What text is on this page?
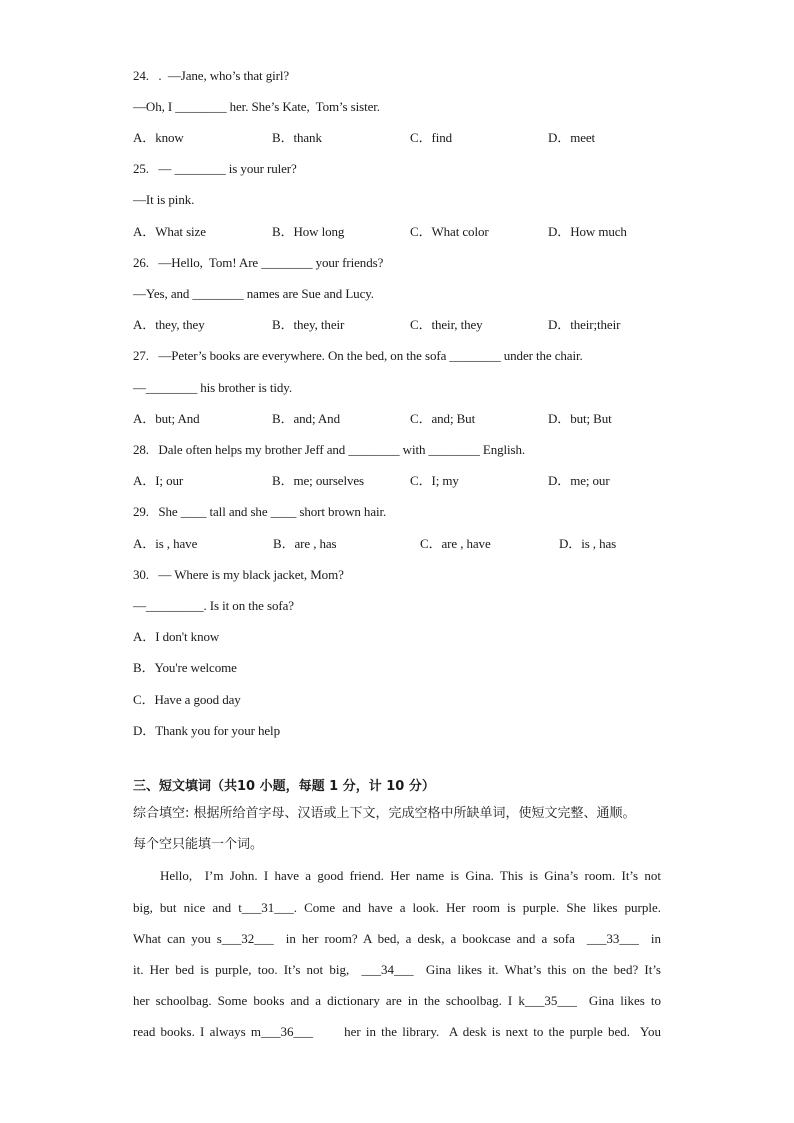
24.   .  —Jane, who’s that girl?
—Oh, I ________ her. She’s Kate,  Tom’s sister.

A．know

	B．thank

	C．find

	D．meet

25.   — ________ is your ruler?
—It is pink.

A．What size

	B．How long

	C．What color

	D．How much

26.   —Hello,  Tom! Are ________ your friends?
—Yes, and ________ names are Sue and Lucy.

A．they, they

	B．they, their

	C．their, they

	D．their;their

27.   —Peter’s books are everywhere. On the bed, on the sofa ________ under the chair.
—________ his brother is tidy.

A．but; And

	B．and; And

	C．and; But

	D．but; But

28.   Dale often helps my brother Jeff and ________ with ________ English.

A．I; our

	B．me; ourselves

	C．I; my

	D．me; our

29.   She ____ tall and she ____ short brown hair.

A．is , have

	B．are , has

	C．are , have

	D．is , has

30.   — Where is my black jacket, Mom?
—_________. Is it on the sofa?
A．I don't know
B．You're welcome
C．Have a good day
D．Thank you for your help
三、短文填词（共10 小题，每题 1 分，计 10 分）
综合填空: 根据所给首字母、汉语或上下文，完成空格中所缺单词，使短文完整、通顺。
每个空只能填一个词。
Hello,  I’m John. I have a good friend. Her name is Gina. This is Gina’s room. It’s not
big, but nice and t___31___. Come and have a look. Her room is purple. She likes purple.
What can you s___32___  in her room? A bed, a desk, a bookcase and a sofa  ___33___  in
it. Her bed is purple, too. It’s not big,  ___34___  Gina likes it. What’s this on the bed? It’s
her schoolbag. Some books and a dictionary are in the schoolbag. I k___35___  Gina likes to
read books. I always m___36___      her in the library.  A desk is next to the purple bed.  You
